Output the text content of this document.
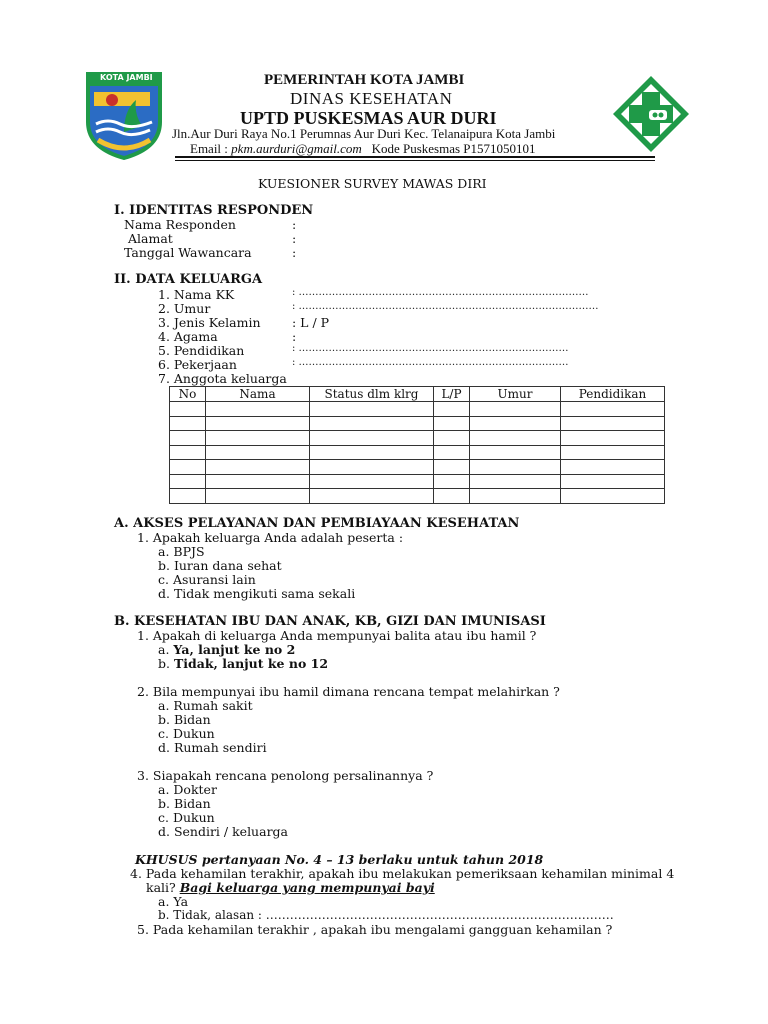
KOTA JAMBI	PEMERINTAH KOTA JAMBI
DINAS KESEHATAN
UPTD PUSKESMAS AUR DURI
Jln.Aur Duri Raya No.1 Perumnas Aur Duri Kec. Telanaipura Kota Jambi
Email : pkm.aurduri@gmail.com Kode Puskesmas P1571050101
KUESIONER SURVEY MAWAS DIRI
I. IDENTITAS RESPONDEN
Nama Responden	:
Alamat	:
Tanggal Wawancara	:
II. DATA KELUARGA
1. Nama KK	: ……………………………………………………………………………
2. Umur	: ………………………………………………………………………………
3. Jenis Kelamin	: L / P
4. Agama	:
5. Pendidikan	: ………………………………………………………………………
6. Pekerjaan	: ………………………………………………………………………
7. Anggota keluarga
No	Nama	Status dlm klrg	L/P	Umur	Pendidikan

A. AKSES PELAYANAN DAN PEMBIAYAAN KESEHATAN
1. Apakah keluarga Anda adalah peserta :
a. BPJS
b. Iuran dana sehat
c. Asuransi lain
d. Tidak mengikuti sama sekali
B. KESEHATAN IBU DAN ANAK, KB, GIZI DAN IMUNISASI
1. Apakah di keluarga Anda mempunyai balita atau ibu hamil ?
a. Ya, lanjut ke no 2
b. Tidak, lanjut ke no 12
2. Bila mempunyai ibu hamil dimana rencana tempat melahirkan ?
a. Rumah sakit
b. Bidan
c. Dukun
d. Rumah sendiri
3. Siapakah rencana penolong persalinannya ?
a. Dokter
b. Bidan
c. Dukun
d. Sendiri / keluarga
KHUSUS pertanyaan No. 4 – 13 berlaku untuk tahun 2018
4. Pada kehamilan terakhir, apakah ibu melakukan pemeriksaan kehamilan minimal 4
kali? Bagi keluarga yang mempunyai bayi
a. Ya
b. Tidak, alasan : ……………………………………………………………………………
5. Pada kehamilan terakhir , apakah ibu mengalami gangguan kehamilan ?
